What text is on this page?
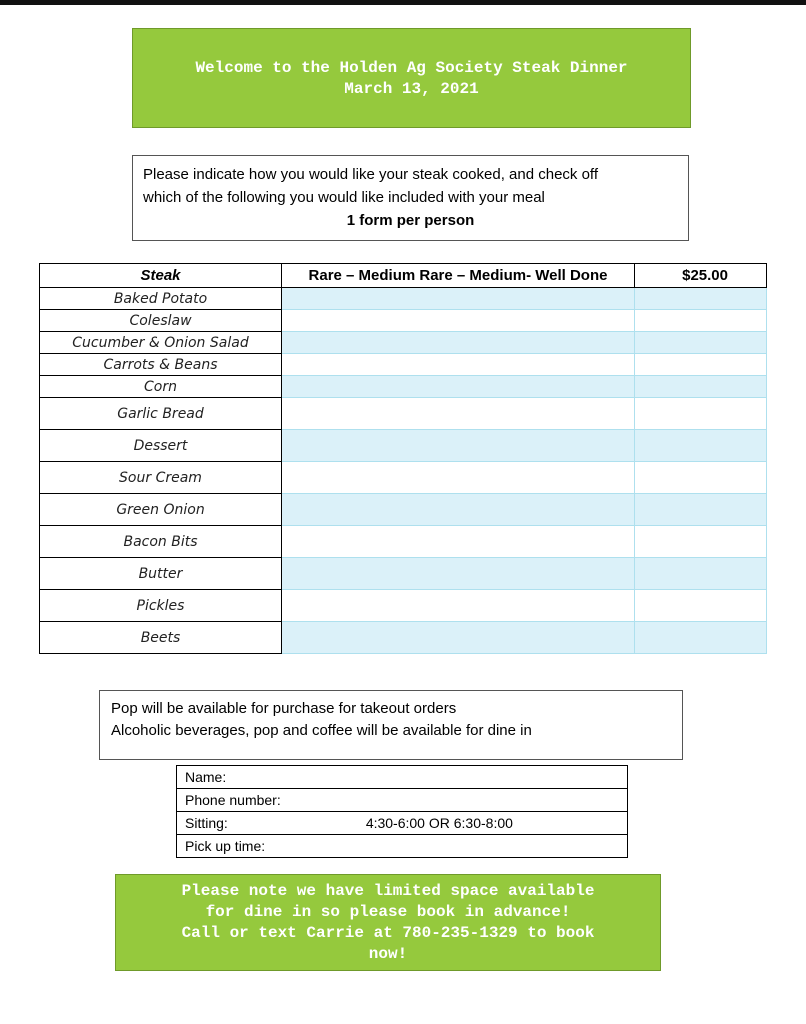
Welcome to the Holden Ag Society Steak Dinner
March 13, 2021
Please indicate how you would like your steak cooked, and check off
which of the following you would like included with your meal
1 form per person
Steak	Rare – Medium Rare – Medium- Well Done	$25.00
Baked Potato		
Coleslaw		
Cucumber & Onion Salad		
Carrots & Beans		
Corn		
Garlic Bread		
Dessert		
Sour Cream		
Green Onion		
Bacon Bits		
Butter		
Pickles		
Beets		
Pop will be available for purchase for takeout orders
Alcoholic beverages, pop and coffee will be available for dine in
Name:
Phone number:
Sitting:	4:30-6:00 OR 6:30-8:00
Pick up time:
Please note we have limited space available
for dine in so please book in advance!
Call or text Carrie at 780-235-1329 to book
now!
